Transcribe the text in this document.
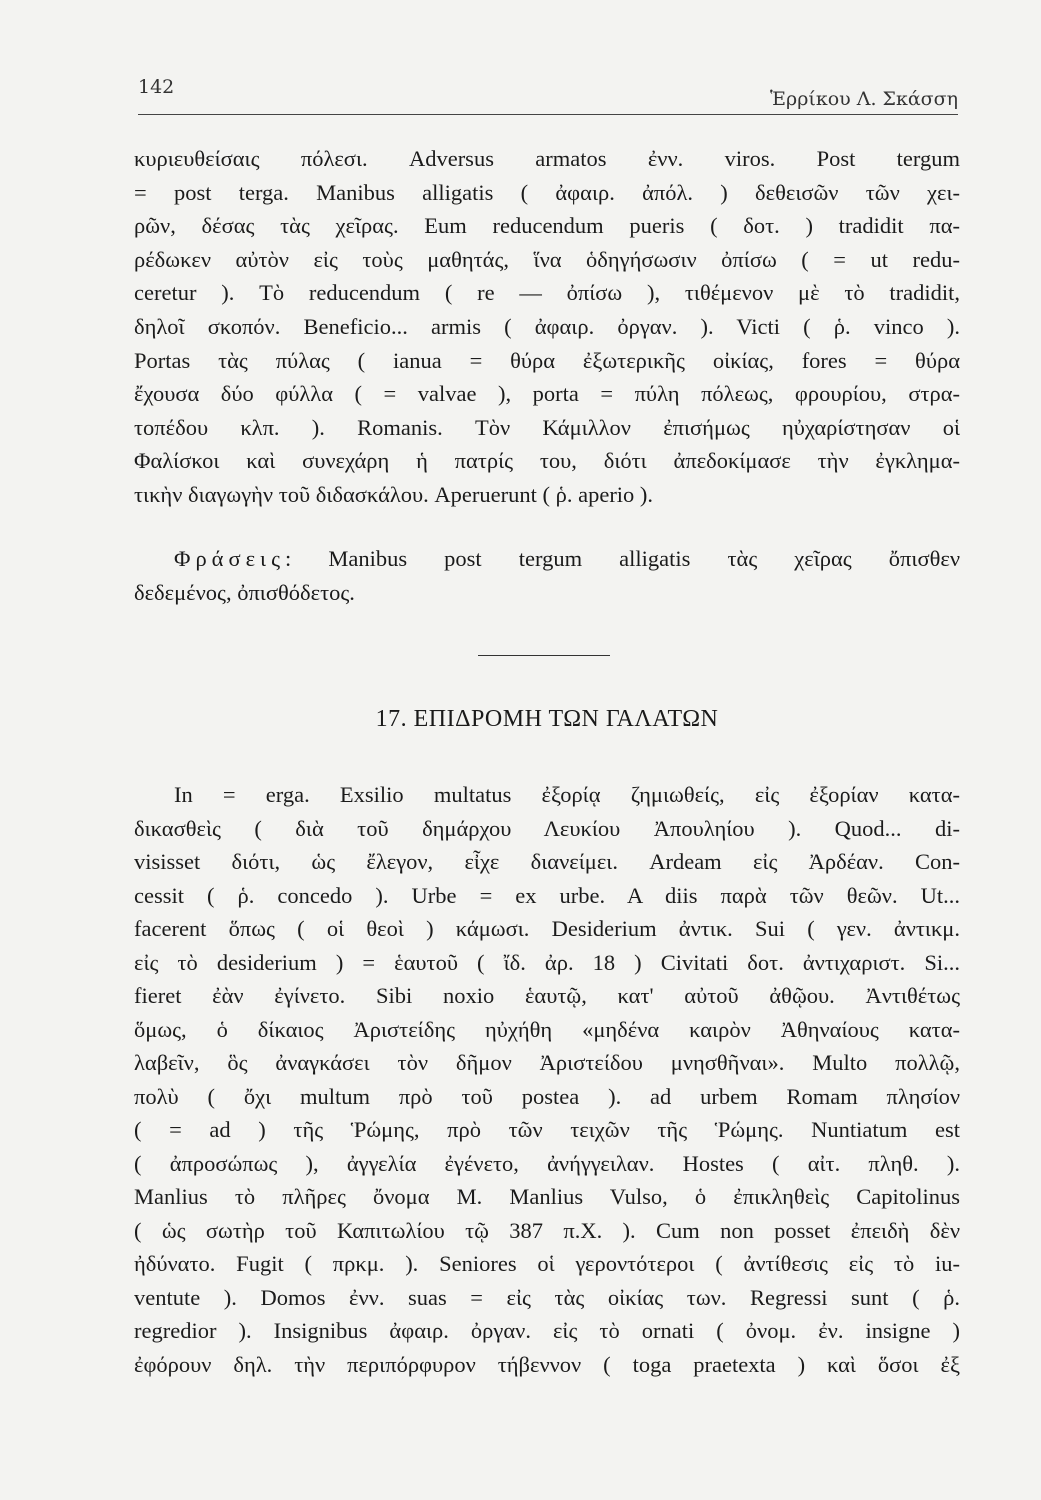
142
Ἑρρίκου Λ. Σκάσση
κυριευθείσαις πόλεσι. Adversus armatos ἐνν. viros. Post tergum
= post terga. Manibus alligatis ( ἀφαιρ. ἀπόλ. ) δεθεισῶν τῶν χει-
ρῶν, δέσας τὰς χεῖρας. Eum reducendum pueris ( δοτ. ) tradidit πα-
ρέδωκεν αὐτὸν εἰς τοὺς μαθητάς, ἵνα ὁδηγήσωσιν ὀπίσω ( = ut redu-
ceretur ). Τὸ reducendum ( re — ὀπίσω ), τιθέμενον μὲ τὸ tradidit,
δηλοῖ σκοπόν. Beneficio... armis ( ἀφαιρ. ὀργαν. ). Victi ( ῥ. vinco ).
Portas τὰς πύλας ( ianua = θύρα ἐξωτερικῆς οἰκίας, fores = θύρα
ἔχουσα δύο φύλλα ( = valvae ), porta = πύλη πόλεως, φρουρίου, στρα-
τοπέδου κλπ. ). Romanis. Τὸν Κάμιλλον ἐπισήμως ηὐχαρίστησαν οἱ
Φαλίσκοι καὶ συνεχάρη ἡ πατρίς του, διότι ἀπεδοκίμασε τὴν ἐγκλημα-
τικὴν διαγωγὴν τοῦ διδασκάλου. Aperuerunt ( ῥ. aperio ).
Φράσεις: Manibus post tergum alligatis τὰς χεῖρας ὄπισθεν
δεδεμένος, ὀπισθόδετος.
17. ΕΠΙΔΡΟΜΗ ΤΩΝ ΓΑΛΑΤΩΝ
In = erga. Exsilio multatus ἐξορίᾳ ζημιωθείς, εἰς ἐξορίαν κατα-
δικασθεὶς ( διὰ τοῦ δημάρχου Λευκίου Ἀπουληίου ). Quod... di-
visisset διότι, ὡς ἔλεγον, εἶχε διανείμει. Ardeam εἰς Ἀρδέαν. Con-
cessit ( ῥ. concedo ). Urbe = ex urbe. A diis παρὰ τῶν θεῶν. Ut...
facerent ὅπως ( οἱ θεοὶ ) κάμωσι. Desiderium ἀντικ. Sui ( γεν. ἀντικμ.
εἰς τὸ desiderium ) = ἑαυτοῦ ( ἴδ. ἀρ. 18 ) Civitati δοτ. ἀντιχαριστ. Si...
fieret ἐὰν ἐγίνετο. Sibi noxio ἑαυτῷ, κατ' αὐτοῦ ἀθῷου. Ἀντιθέτως
ὅμως, ὁ δίκαιος Ἀριστείδης ηὐχήθη «μηδένα καιρὸν Ἀθηναίους κατα-
λαβεῖν, ὃς ἀναγκάσει τὸν δῆμον Ἀριστείδου μνησθῆναι». Multo πολλῷ,
πολὺ ( ὄχι multum πρὸ τοῦ postea ). ad urbem Romam πλησίον
( = ad ) τῆς Ῥώμης, πρὸ τῶν τειχῶν τῆς Ῥώμης. Nuntiatum est
( ἀπροσώπως ), ἀγγελία ἐγένετο, ἀνήγγειλαν. Hostes ( αἰτ. πληθ. ).
Manlius τὸ πλῆρες ὄνομα M. Manlius Vulso, ὁ ἐπικληθεὶς Capitolinus
( ὡς σωτὴρ τοῦ Καπιτωλίου τῷ 387 π.Χ. ). Cum non posset ἐπειδὴ δὲν
ἠδύνατο. Fugit ( πρκμ. ). Seniores οἱ γεροντότεροι ( ἀντίθεσις εἰς τὸ iu-
ventute ). Domos ἐνν. suas = εἰς τὰς οἰκίας των. Regressi sunt ( ῥ.
regredior ). Insignibus ἀφαιρ. ὀργαν. εἰς τὸ ornati ( ὀνομ. ἐν. insigne )
ἐφόρουν δηλ. τὴν περιπόρφυρον τήβεννον ( toga praetexta ) καὶ ὅσοι ἐξ
